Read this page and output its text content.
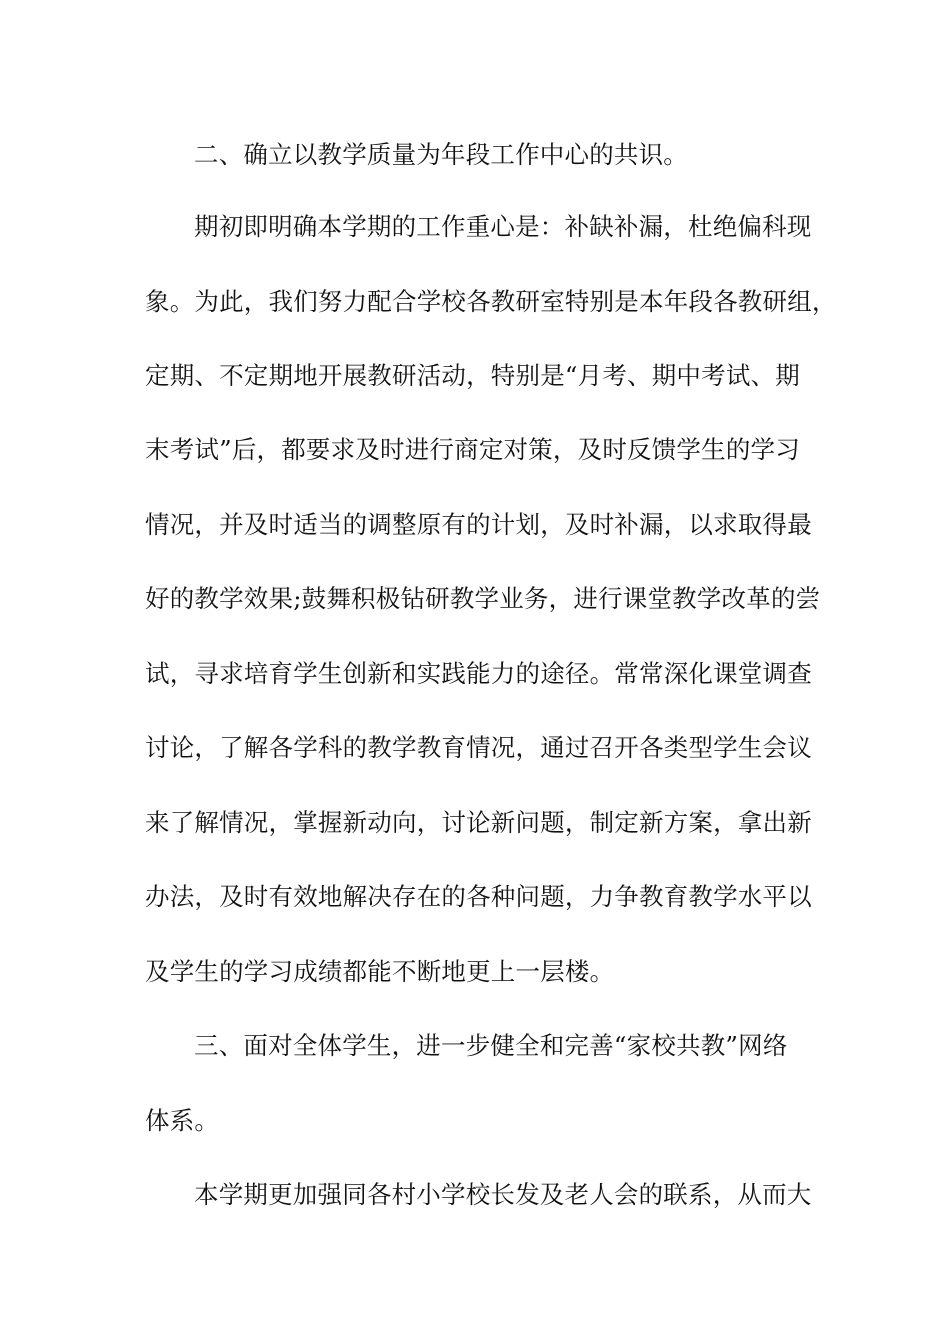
二、确立以教学质量为年段工作中心的共识。
期初即明确本学期的工作重心是：补缺补漏，杜绝偏科现
象。为此，我们努力配合学校各教研室特别是本年段各教研组，
定期、不定期地开展教研活动，特别是“月考、期中考试、期
末考试”后，都要求及时进行商定对策，及时反馈学生的学习
情况，并及时适当的调整原有的计划，及时补漏，以求取得最
好的教学效果;鼓舞积极钻研教学业务，进行课堂教学改革的尝
试，寻求培育学生创新和实践能力的途径。常常深化课堂调查
讨论，了解各学科的教学教育情况，通过召开各类型学生会议
来了解情况，掌握新动向，讨论新问题，制定新方案，拿出新
办法，及时有效地解决存在的各种问题，力争教育教学水平以
及学生的学习成绩都能不断地更上一层楼。
三、面对全体学生，进一步健全和完善“家校共教”网络
体系。
本学期更加强同各村小学校长发及老人会的联系，从而大
